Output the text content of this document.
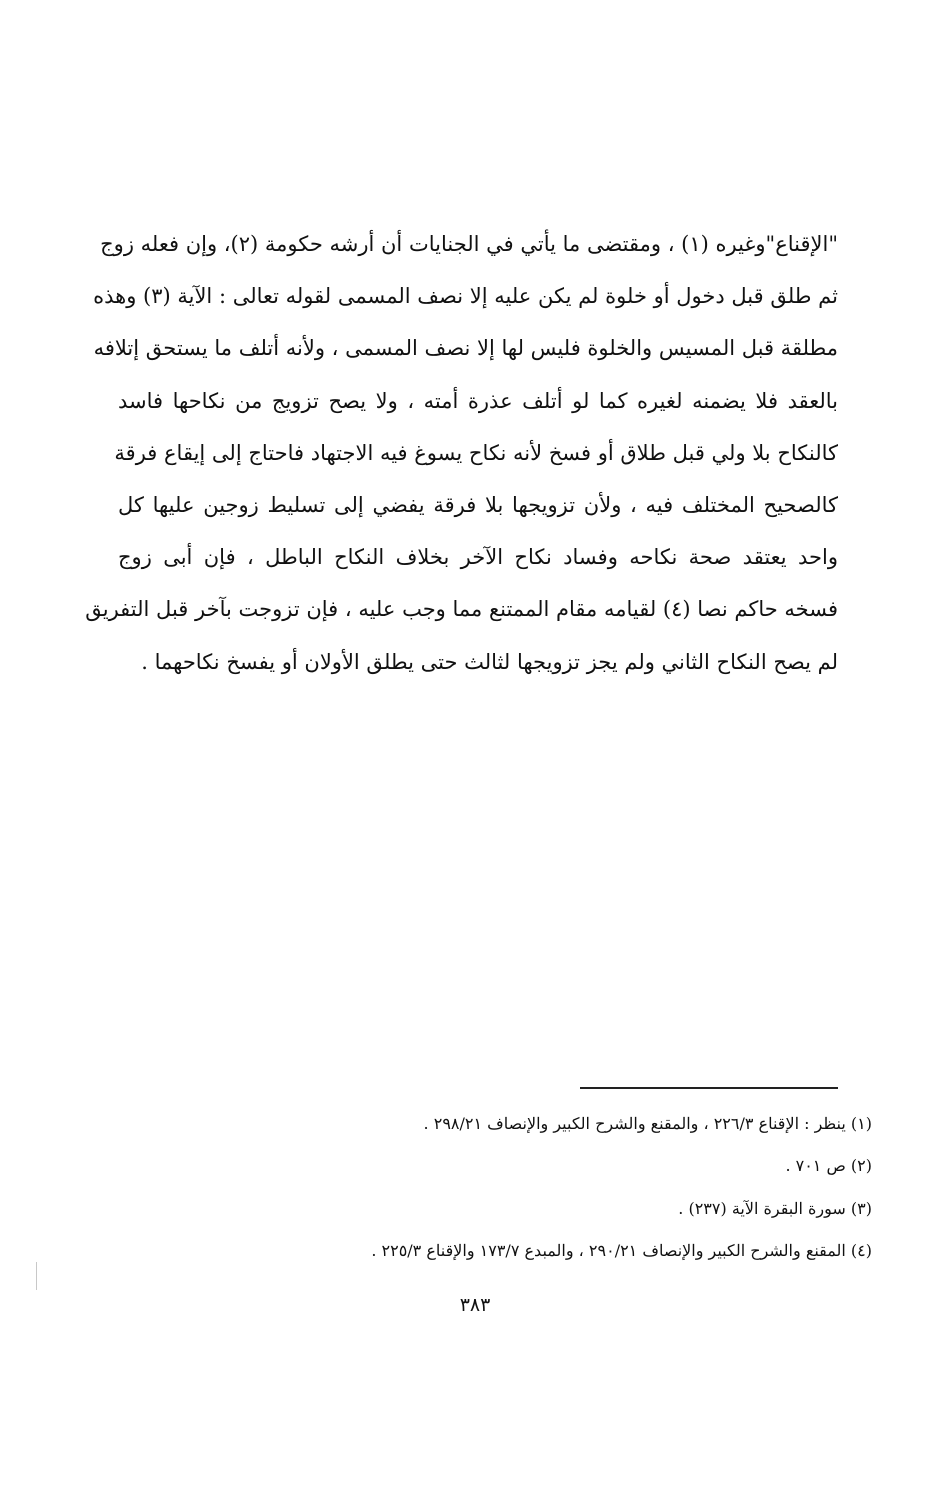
"الإقناع"وغيره (١) ، ومقتضى ما يأتي في الجنايات أن أرشه حكومة (٢)، وإن فعله زوج
ثم طلق قبل دخول أو خلوة لم يكن عليه إلا نصف المسمى لقوله تعالى : الآية (٣) وهذه
مطلقة قبل المسيس والخلوة فليس لها إلا نصف المسمى ، ولأنه أتلف ما يستحق إتلافه
بالعقد فلا يضمنه لغيره كما لو أتلف عذرة أمته ، ولا يصح تزويج من نكاحها فاسد
كالنكاح بلا ولي قبل طلاق أو فسخ لأنه نكاح يسوغ فيه الاجتهاد فاحتاج إلى إيقاع فرقة
كالصحيح المختلف فيه ، ولأن تزويجها بلا فرقة يفضي إلى تسليط زوجين عليها كل
واحد يعتقد صحة نكاحه وفساد نكاح الآخر بخلاف النكاح الباطل ، فإن أبى زوج
فسخه حاكم نصا (٤) لقيامه مقام الممتنع مما وجب عليه ، فإن تزوجت بآخر قبل التفريق
لم يصح النكاح الثاني ولم يجز تزويجها لثالث حتى يطلق الأولان أو يفسخ نكاحهما .
(١) ينظر : الإقناع ٢٢٦/٣ ، والمقنع والشرح الكبير والإنصاف ٢٩٨/٢١ .
(٢) ص ٧٠١ .
(٣) سورة البقرة الآية (٢٣٧) .
(٤) المقنع والشرح الكبير والإنصاف ٢٩٠/٢١ ، والمبدع ١٧٣/٧ والإقناع ٢٢٥/٣ .
٣٨٣
